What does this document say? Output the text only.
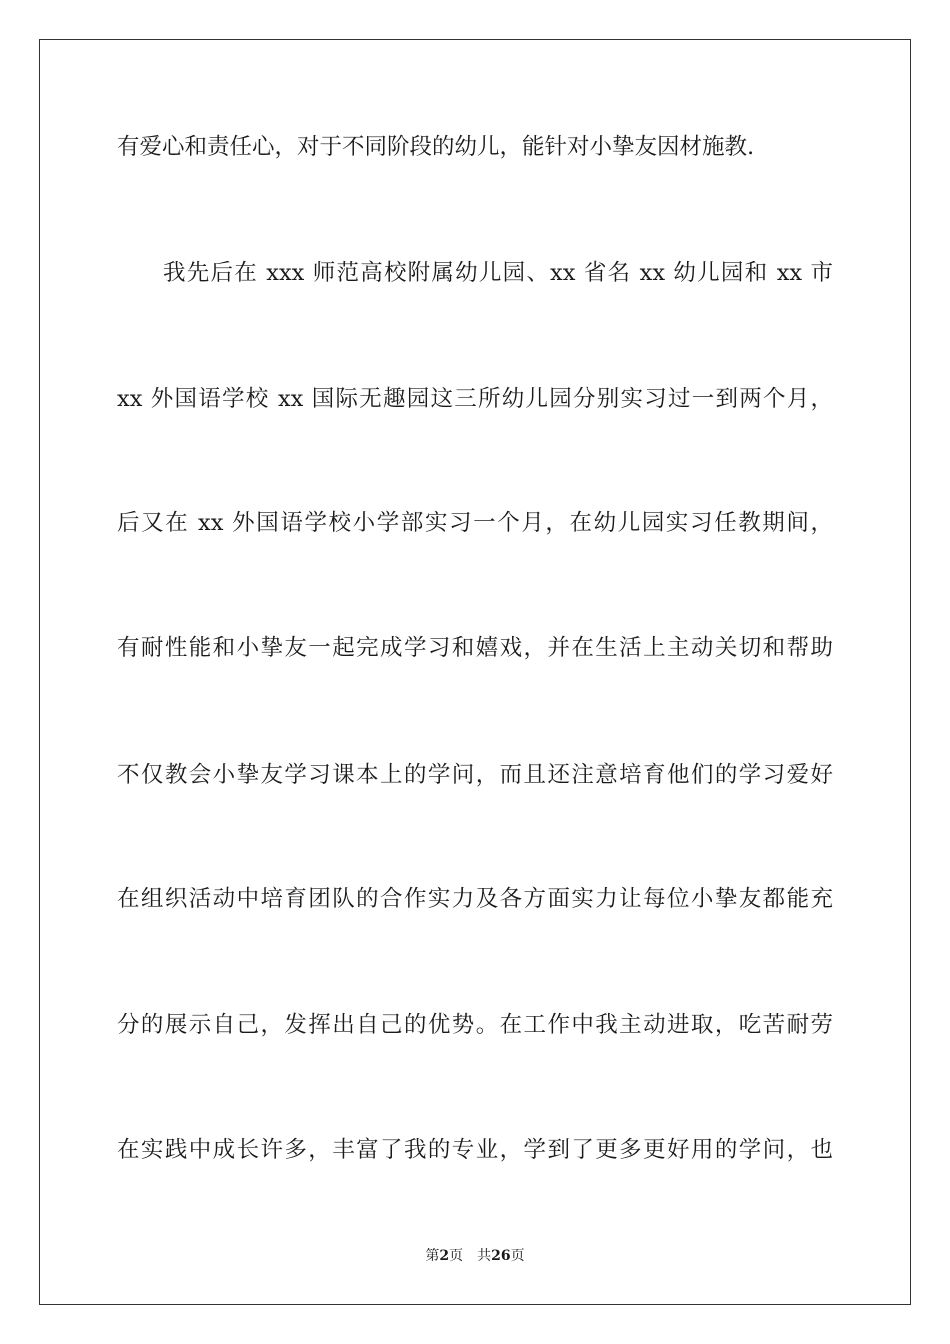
有爱心和责任心，对于不同阶段的幼儿，能针对小挚友因材施教.
我先后在 xxx 师范高校附属幼儿园、xx 省名 xx 幼儿园和 xx 市
xx 外国语学校 xx 国际无趣园这三所幼儿园分别实习过一到两个月，
后又在 xx 外国语学校小学部实习一个月，在幼儿园实习任教期间，
有耐性能和小挚友一起完成学习和嬉戏，并在生活上主动关切和帮助
不仅教会小挚友学习课本上的学问，而且还注意培育他们的学习爱好
在组织活动中培育团队的合作实力及各方面实力让每位小挚友都能充
分的展示自己，发挥出自己的优势。在工作中我主动进取，吃苦耐劳
在实践中成长许多，丰富了我的专业，学到了更多更好用的学问，也
第2页 共26页
